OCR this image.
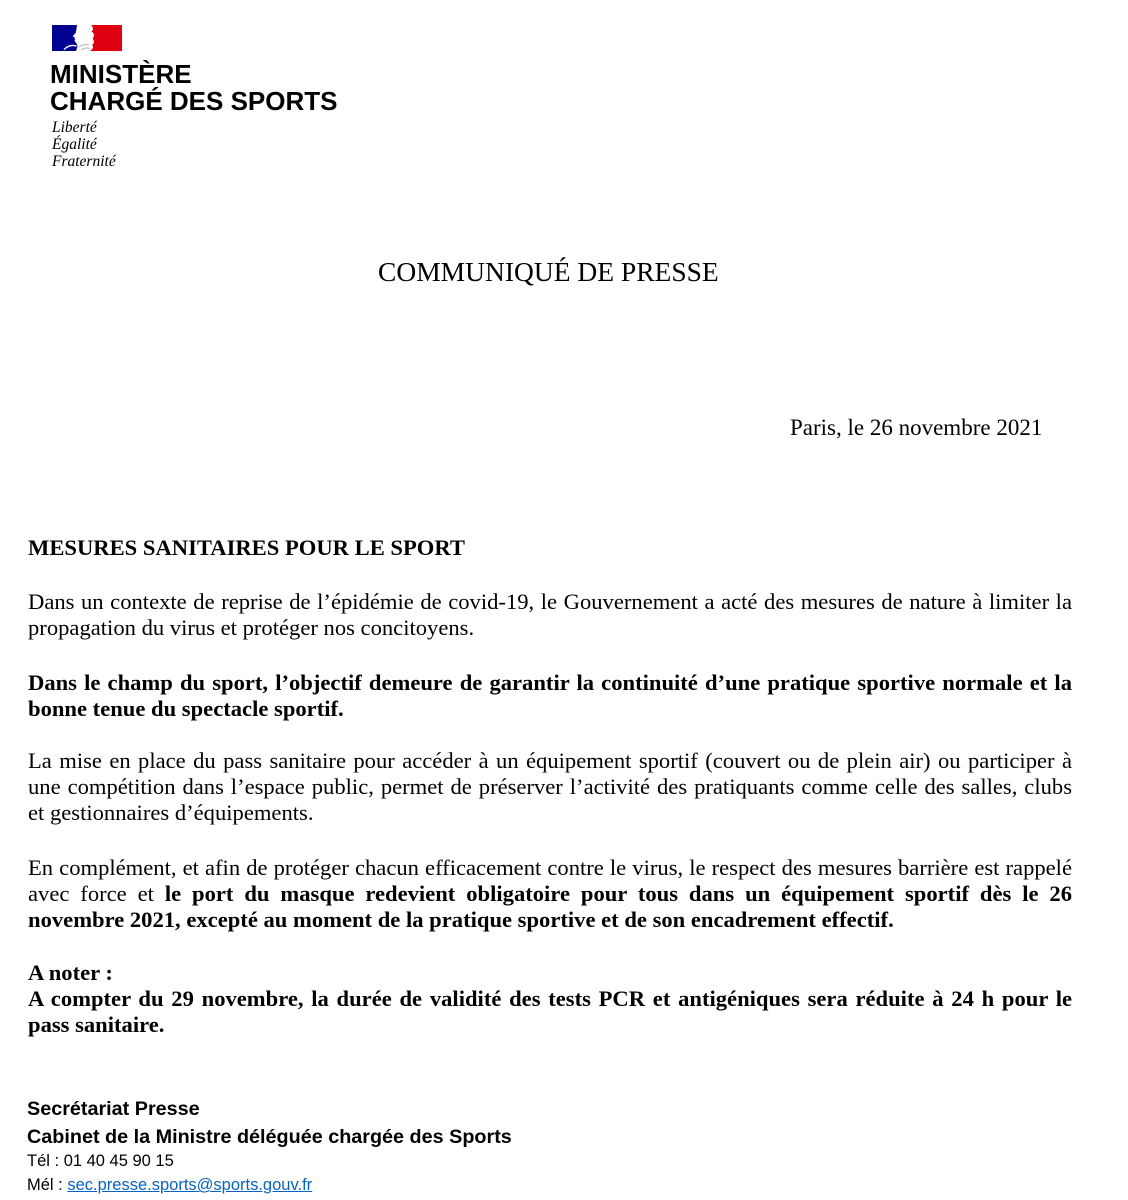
MINISTÈRE
CHARGÉ DES SPORTS
Liberté
Égalité
Fraternité
COMMUNIQUÉ DE PRESSE
Paris, le 26 novembre 2021
MESURES SANITAIRES POUR LE SPORT
Dans un contexte de reprise de l’épidémie de covid-19, le Gouvernement a acté des mesures de nature à limiter la
propagation du virus et protéger nos concitoyens.
Dans le champ du sport, l’objectif demeure de garantir la continuité d’une pratique sportive normale et la
bonne tenue du spectacle sportif.
La mise en place du pass sanitaire pour accéder à un équipement sportif (couvert ou de plein air) ou participer à
une compétition dans l’espace public, permet de préserver l’activité des pratiquants comme celle des salles, clubs
et gestionnaires d’équipements.
En complément, et afin de protéger chacun efficacement contre le virus, le respect des mesures barrière est rappelé
avec force et le port du masque redevient obligatoire pour tous dans un équipement sportif dès le 26
novembre 2021, excepté au moment de la pratique sportive et de son encadrement effectif.
A noter :
A compter du 29 novembre, la durée de validité des tests PCR et antigéniques sera réduite à 24 h pour le
pass sanitaire.
Secrétariat Presse
Cabinet de la Ministre déléguée chargée des Sports
Tél : 01 40 45 90 15
Mél : sec.presse.sports@sports.gouv.fr
